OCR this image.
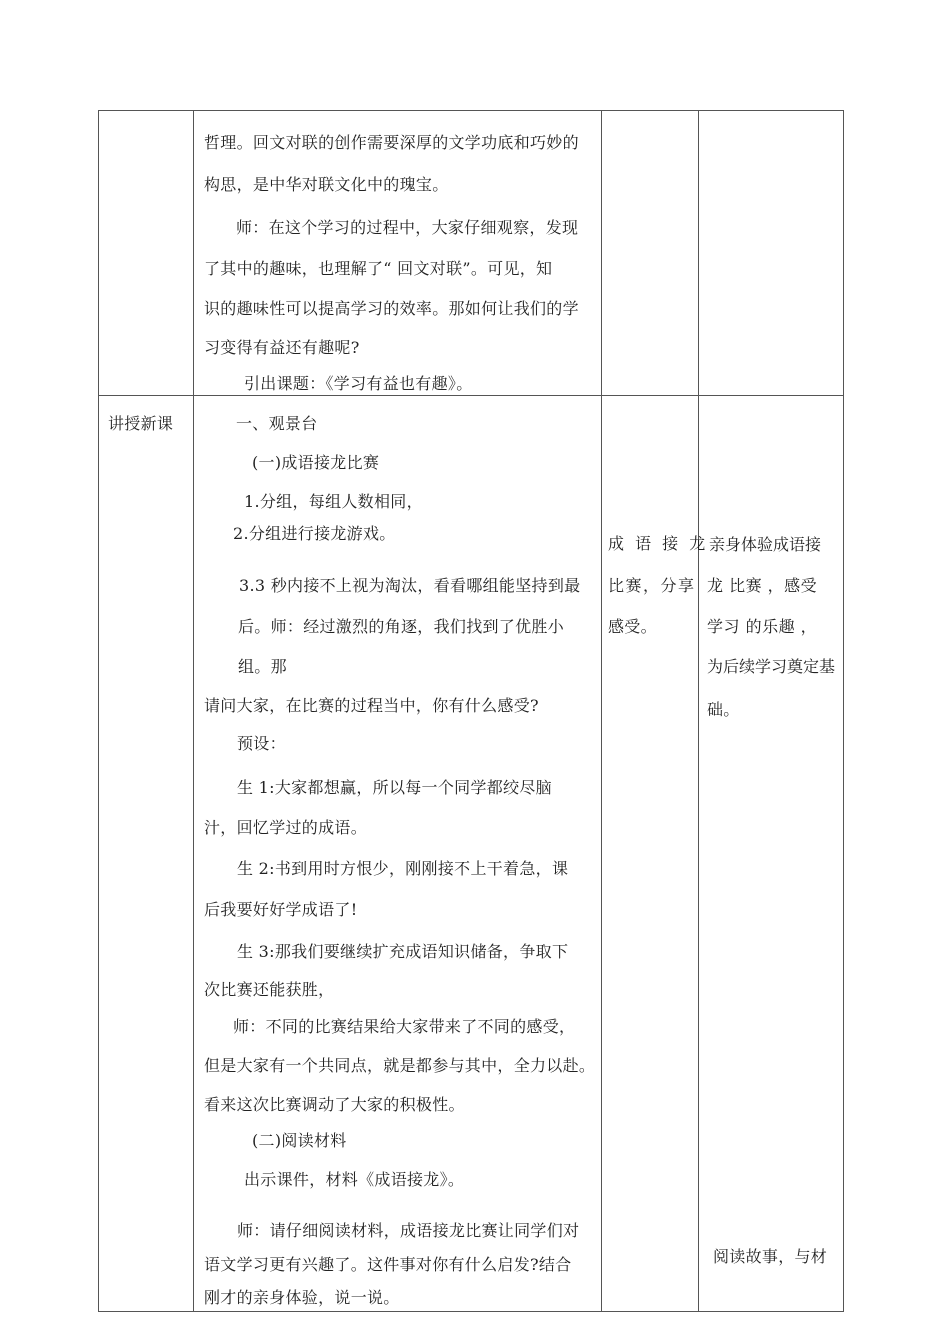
哲理。回文对联的创作需要深厚的文学功底和巧妙的
构思，是中华对联文化中的瑰宝。
师：在这个学习的过程中，大家仔细观察，发现
了其中的趣味，也理解了“ 回文对联”。可见，知
识的趣味性可以提高学习的效率。那如何让我们的学
习变得有益还有趣呢?
引出课题：《学习有益也有趣》。
讲授新课	一、观景台
(一)成语接龙比赛
1.分组，每组人数相同，
2.分组进行接龙游戏。
3.3 秒内接不上视为淘汰，看看哪组能坚持到最
后。师：经过激烈的角逐，我们找到了优胜小
组。那
请问大家，在比赛的过程当中，你有什么感受?
预设：
生 1:大家都想赢，所以每一个同学都绞尽脑
汁，回忆学过的成语。
生 2:书到用时方恨少，刚刚接不上干着急，课
后我要好好学成语了!
生 3:那我们要继续扩充成语知识储备，争取下
次比赛还能获胜，
师：不同的比赛结果给大家带来了不同的感受，
但是大家有一个共同点，就是都参与其中，全力以赴。
看来这次比赛调动了大家的积极性。
(二)阅读材料
出示课件，材料《成语接龙》。
师：请仔细阅读材料，成语接龙比赛让同学们对
语文学习更有兴趣了。这件事对你有什么启发?结合
刚才的亲身体验，说一说。
成 语 接 龙
比赛，分享
感受。
亲身体验成语接
龙 比赛 ，感受
学习 的乐趣 ，
为后续学习奠定基
础。
阅读故事，与材
